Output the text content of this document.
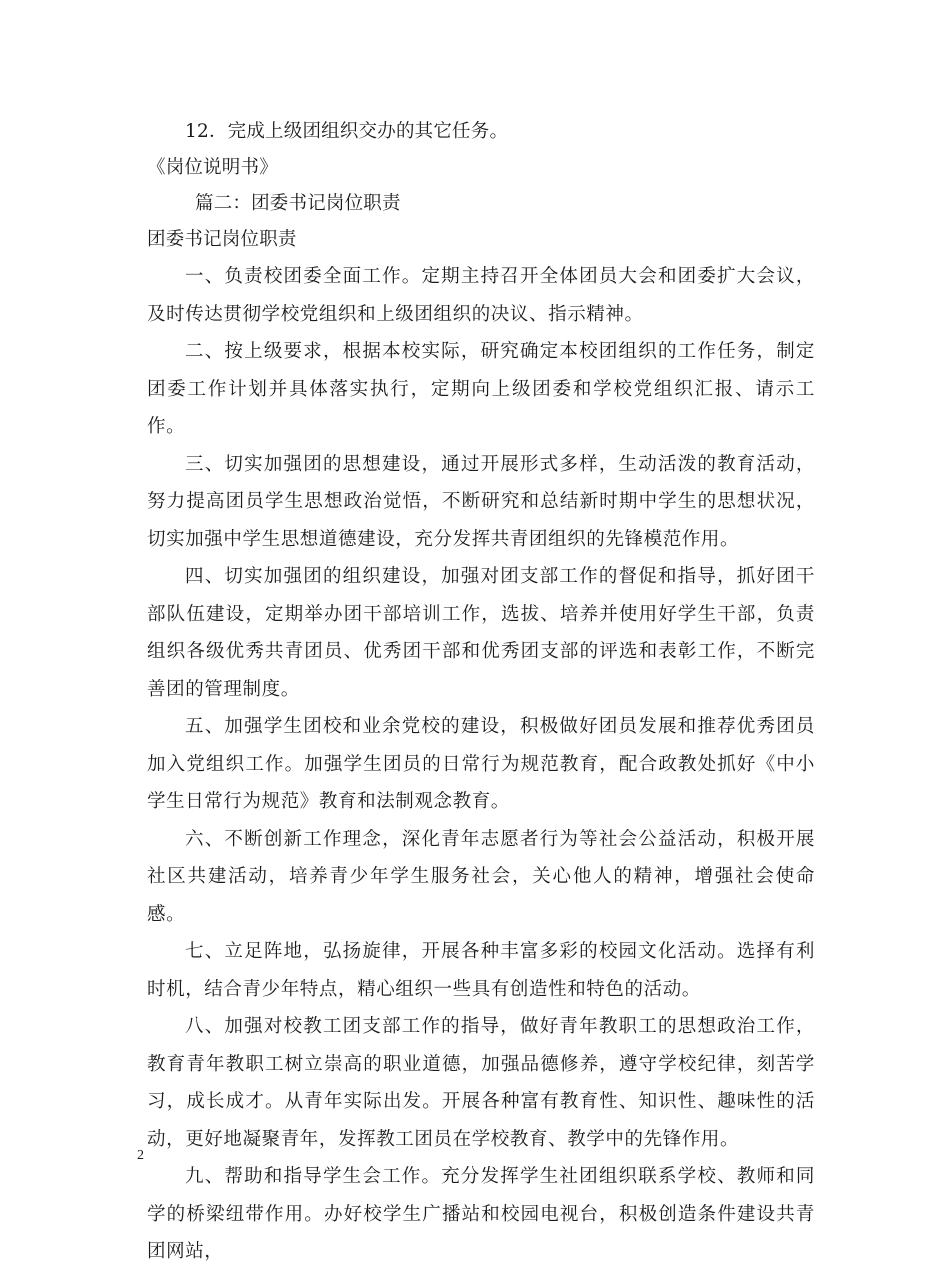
12．完成上级团组织交办的其它任务。

《岗位说明书》

篇二：团委书记岗位职责

团委书记岗位职责

一、负责校团委全面工作。定期主持召开全体团员大会和团委扩大会议，及时传达贯彻学校党组织和上级团组织的决议、指示精神。

二、按上级要求，根据本校实际，研究确定本校团组织的工作任务，制定团委工作计划并具体落实执行，定期向上级团委和学校党组织汇报、请示工作。

三、切实加强团的思想建设，通过开展形式多样，生动活泼的教育活动，努力提高团员学生思想政治觉悟，不断研究和总结新时期中学生的思想状况，切实加强中学生思想道德建设，充分发挥共青团组织的先锋模范作用。

四、切实加强团的组织建设，加强对团支部工作的督促和指导，抓好团干部队伍建设，定期举办团干部培训工作，选拔、培养并使用好学生干部，负责组织各级优秀共青团员、优秀团干部和优秀团支部的评选和表彰工作，不断完善团的管理制度。

五、加强学生团校和业余党校的建设，积极做好团员发展和推荐优秀团员加入党组织工作。加强学生团员的日常行为规范教育，配合政教处抓好《中小学生日常行为规范》教育和法制观念教育。

六、不断创新工作理念，深化青年志愿者行为等社会公益活动，积极开展社区共建活动，培养青少年学生服务社会，关心他人的精神，增强社会使命感。

七、立足阵地，弘扬旋律，开展各种丰富多彩的校园文化活动。选择有利时机，结合青少年特点，精心组织一些具有创造性和特色的活动。

八、加强对校教工团支部工作的指导，做好青年教职工的思想政治工作，教育青年教职工树立崇高的职业道德，加强品德修养，遵守学校纪律，刻苦学习，成长成才。从青年实际出发。开展各种富有教育性、知识性、趣味性的活动，更好地凝聚青年，发挥教工团员在学校教育、教学中的先锋作用。

九、帮助和指导学生会工作。充分发挥学生社团组织联系学校、教师和同学的桥梁纽带作用。办好校学生广播站和校园电视台，积极创造条件建设共青团网站，

2
